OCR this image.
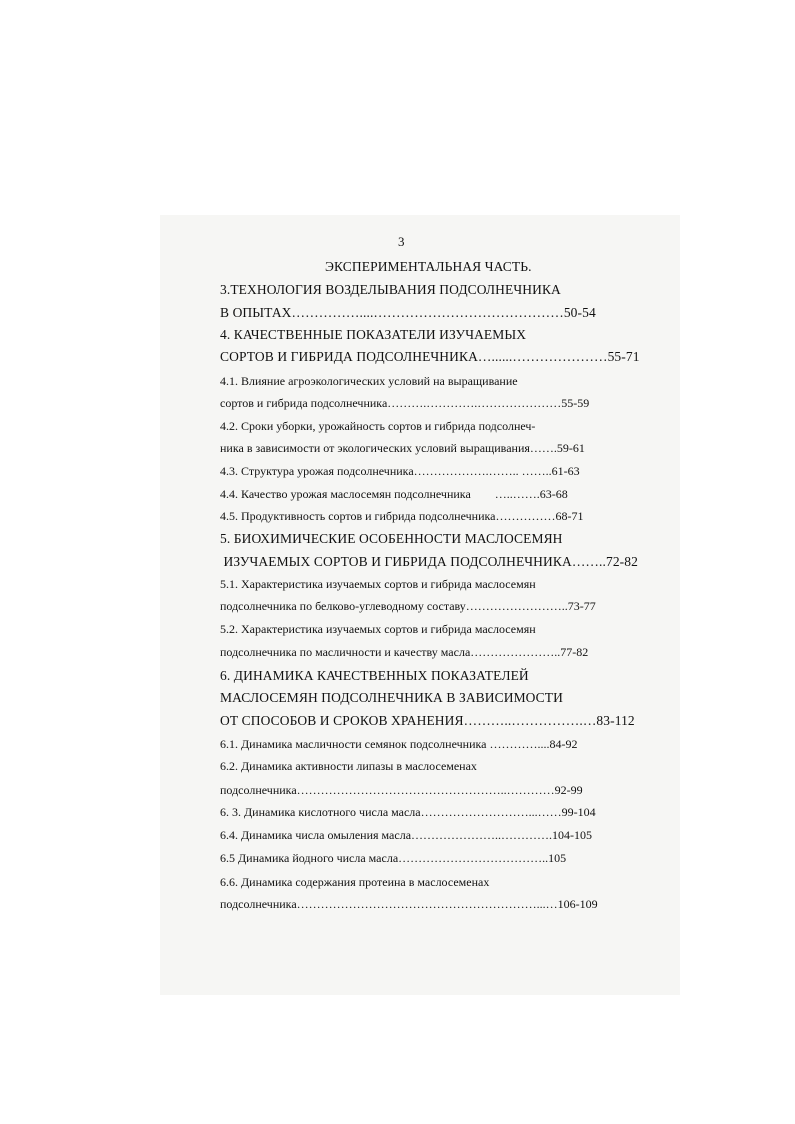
3
ЭКСПЕРИМЕНТАЛЬНАЯ ЧАСТЬ.
3.ТЕХНОЛОГИЯ ВОЗДЕЛЫВАНИЯ ПОДСОЛНЕЧНИКА
В ОПЫТАХ……………....……………………………………50-54
4. КАЧЕСТВЕННЫЕ ПОКАЗАТЕЛИ ИЗУЧАЕМЫХ
СОРТОВ И ГИБРИДА ПОДСОЛНЕЧНИКА…......…………………55-71
4.1. Влияние агроэкологических условий на выращивание
сортов и гибрида подсолнечника……….………….…………………55-59
4.2. Сроки уборки, урожайность сортов и гибрида подсолнеч-
ника в зависимости от экологических условий выращивания…….59-61
4.3. Структура урожая подсолнечника……………….…….. ……..61-63
4.4. Качество урожая маслосемян подсолнечника        …..…….63-68
4.5. Продуктивность сортов и гибрида подсолнечника……………68-71
5. БИОХИМИЧЕСКИЕ ОСОБЕННОСТИ МАСЛОСЕМЯН
ИЗУЧАЕМЫХ СОРТОВ И ГИБРИДА ПОДСОЛНЕЧНИКА……..72-82
5.1. Характеристика изучаемых сортов и гибрида маслосемян
подсолнечника по белково-углеводному составу……………………..73-77
5.2. Характеристика изучаемых сортов и гибрида маслосемян
подсолнечника по масличности и качеству масла…………………..77-82
6. ДИНАМИКА КАЧЕСТВЕННЫХ ПОКАЗАТЕЛЕЙ
МАСЛОСЕМЯН ПОДСОЛНЕЧНИКА В ЗАВИСИМОСТИ
ОТ СПОСОБОВ И СРОКОВ ХРАНЕНИЯ………..…………….…83-112
6.1. Динамика масличности семянок подсолнечника …………....84-92
6.2. Динамика активности липазы в маслосеменах
подсолнечника……………………………………………..…………92-99
6. 3. Динамика кислотного числа масла………………………...……99-104
6.4. Динамика числа омыления масла…………………..………….104-105
6.5 Динамика йодного числа масла………………………………..105
6.6. Динамика содержания протеина в маслосеменах
подсолнечника……………………………………………………...…106-109
